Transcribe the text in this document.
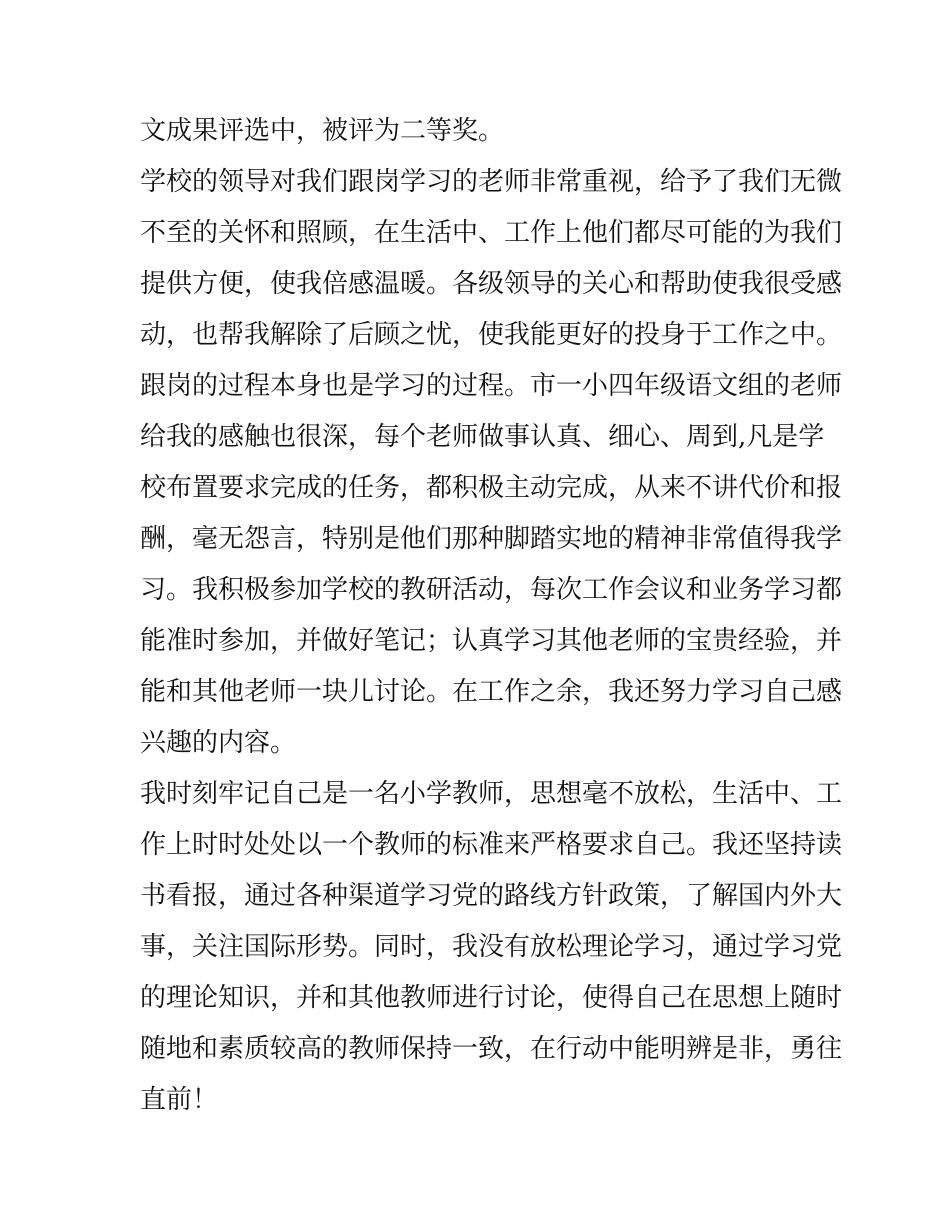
文成果评选中，被评为二等奖。
学校的领导对我们跟岗学习的老师非常重视，给予了我们无微
不至的关怀和照顾，在生活中、工作上他们都尽可能的为我们
提供方便，使我倍感温暖。各级领导的关心和帮助使我很受感
动，也帮我解除了后顾之忧，使我能更好的投身于工作之中。
跟岗的过程本身也是学习的过程。市一小四年级语文组的老师
给我的感触也很深，每个老师做事认真、细心、周到,凡是学
校布置要求完成的任务，都积极主动完成，从来不讲代价和报
酬，毫无怨言，特别是他们那种脚踏实地的精神非常值得我学
习。我积极参加学校的教研活动，每次工作会议和业务学习都
能准时参加，并做好笔记；认真学习其他老师的宝贵经验，并
能和其他老师一块儿讨论。在工作之余，我还努力学习自己感
兴趣的内容。
我时刻牢记自己是一名小学教师，思想毫不放松，生活中、工
作上时时处处以一个教师的标准来严格要求自己。我还坚持读
书看报，通过各种渠道学习党的路线方针政策，了解国内外大
事，关注国际形势。同时，我没有放松理论学习，通过学习党
的理论知识，并和其他教师进行讨论，使得自己在思想上随时
随地和素质较高的教师保持一致，在行动中能明辨是非，勇往
直前！
